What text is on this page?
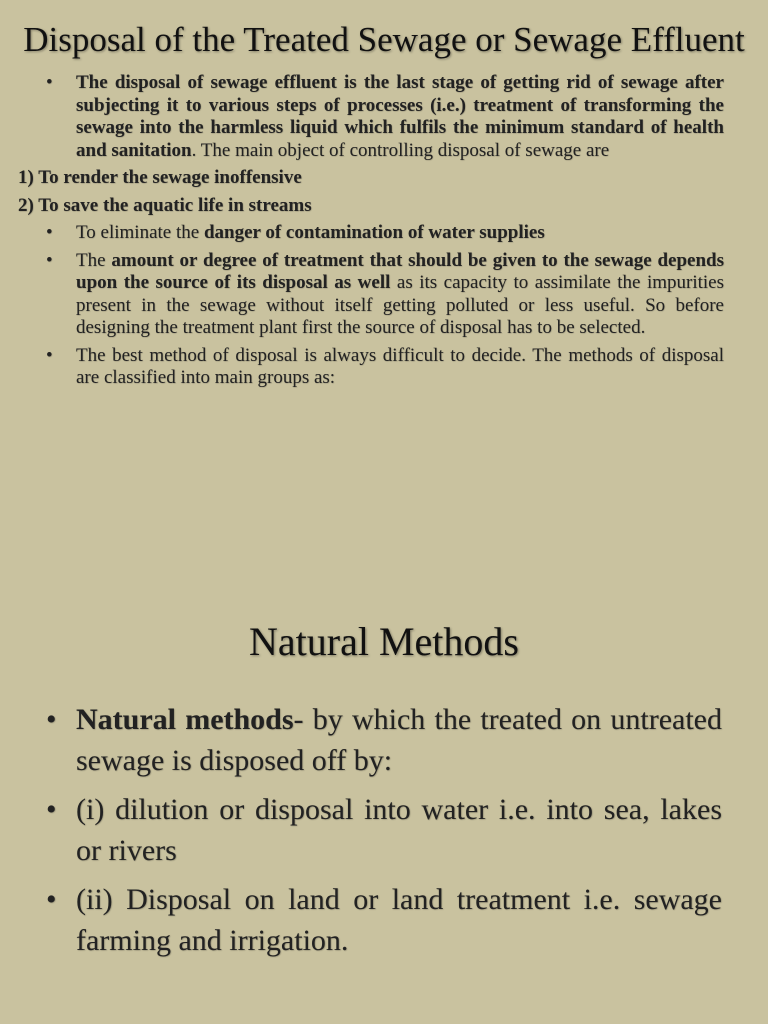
Disposal of the Treated Sewage or Sewage Effluent
• The disposal of sewage effluent is the last stage of getting rid of sewage after subjecting it to various steps of processes (i.e.) treatment of transforming the sewage into the harmless liquid which fulfils the minimum standard of health and sanitation. The main object of controlling disposal of sewage are
1) To render the sewage inoffensive
2) To save the aquatic life in streams
• To eliminate the danger of contamination of water supplies
• The amount or degree of treatment that should be given to the sewage depends upon the source of its disposal as well as its capacity to assimilate the impurities present in the sewage without itself getting polluted or less useful. So before designing the treatment plant first the source of disposal has to be selected.
• The best method of disposal is always difficult to decide. The methods of disposal are classified into main groups as:
Natural Methods
• Natural methods- by which the treated on untreated sewage is disposed off by:
• (i) dilution or disposal into water i.e. into sea, lakes or rivers
• (ii) Disposal on land or land treatment i.e. sewage farming and irrigation.
